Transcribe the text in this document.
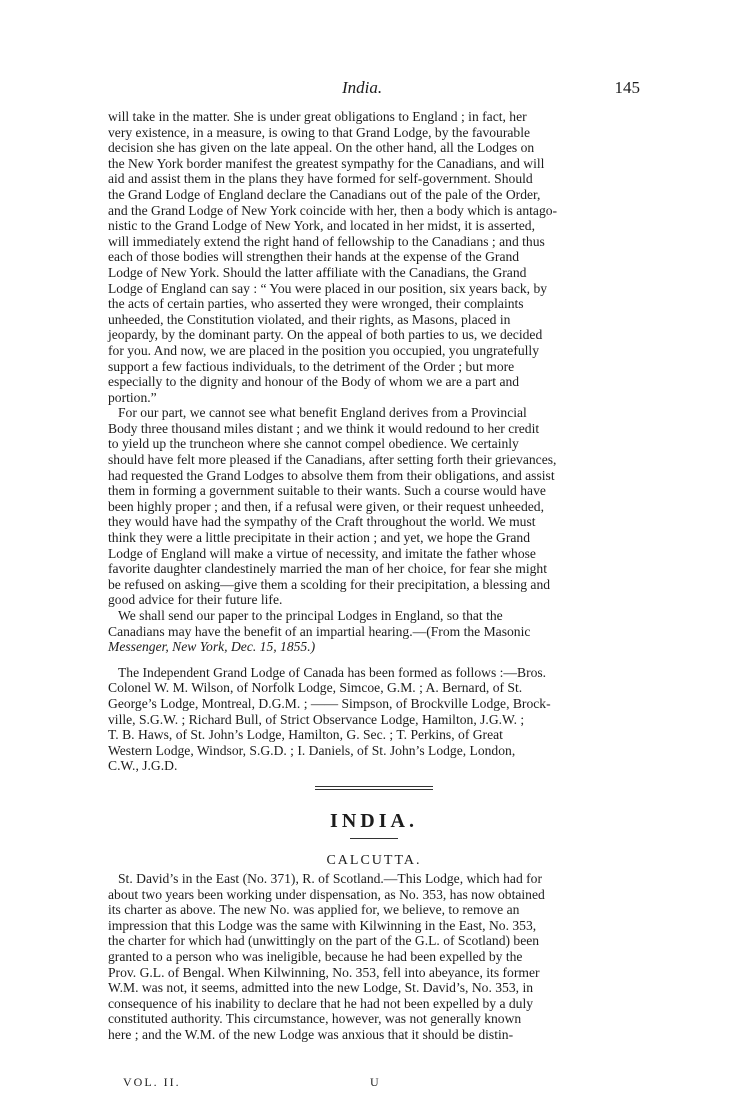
India.	145
will take in the matter. She is under great obligations to England ; in fact, her
very existence, in a measure, is owing to that Grand Lodge, by the favourable
decision she has given on the late appeal. On the other hand, all the Lodges on
the New York border manifest the greatest sympathy for the Canadians, and will
aid and assist them in the plans they have formed for self-government. Should
the Grand Lodge of England declare the Canadians out of the pale of the Order,
and the Grand Lodge of New York coincide with her, then a body which is antago-
nistic to the Grand Lodge of New York, and located in her midst, it is asserted,
will immediately extend the right hand of fellowship to the Canadians ; and thus
each of those bodies will strengthen their hands at the expense of the Grand
Lodge of New York. Should the latter affiliate with the Canadians, the Grand
Lodge of England can say : “ You were placed in our position, six years back, by
the acts of certain parties, who asserted they were wronged, their complaints
unheeded, the Constitution violated, and their rights, as Masons, placed in
jeopardy, by the dominant party. On the appeal of both parties to us, we decided
for you. And now, we are placed in the position you occupied, you ungratefully
support a few factious individuals, to the detriment of the Order ; but more
especially to the dignity and honour of the Body of whom we are a part and
portion.”
For our part, we cannot see what benefit England derives from a Provincial
Body three thousand miles distant ; and we think it would redound to her credit
to yield up the truncheon where she cannot compel obedience. We certainly
should have felt more pleased if the Canadians, after setting forth their grievances,
had requested the Grand Lodges to absolve them from their obligations, and assist
them in forming a government suitable to their wants. Such a course would have
been highly proper ; and then, if a refusal were given, or their request unheeded,
they would have had the sympathy of the Craft throughout the world. We must
think they were a little precipitate in their action ; and yet, we hope the Grand
Lodge of England will make a virtue of necessity, and imitate the father whose
favorite daughter clandestinely married the man of her choice, for fear she might
be refused on asking—give them a scolding for their precipitation, a blessing and
good advice for their future life.
We shall send our paper to the principal Lodges in England, so that the
Canadians may have the benefit of an impartial hearing.—(From the Masonic
Messenger, New York, Dec. 15, 1855.)
The Independent Grand Lodge of Canada has been formed as follows :—Bros.
Colonel W. M. Wilson, of Norfolk Lodge, Simcoe, G.M. ; A. Bernard, of St.
George’s Lodge, Montreal, D.G.M. ; —— Simpson, of Brockville Lodge, Brock-
ville, S.G.W. ; Richard Bull, of Strict Observance Lodge, Hamilton, J.G.W. ;
T. B. Haws, of St. John’s Lodge, Hamilton, G. Sec. ; T. Perkins, of Great
Western Lodge, Windsor, S.G.D. ; I. Daniels, of St. John’s Lodge, London,
C.W., J.G.D.
INDIA.
CALCUTTA.
St. David’s in the East (No. 371), R. of Scotland.—This Lodge, which had for
about two years been working under dispensation, as No. 353, has now obtained
its charter as above. The new No. was applied for, we believe, to remove an
impression that this Lodge was the same with Kilwinning in the East, No. 353,
the charter for which had (unwittingly on the part of the G.L. of Scotland) been
granted to a person who was ineligible, because he had been expelled by the
Prov. G.L. of Bengal. When Kilwinning, No. 353, fell into abeyance, its former
W.M. was not, it seems, admitted into the new Lodge, St. David’s, No. 353, in
consequence of his inability to declare that he had not been expelled by a duly
constituted authority. This circumstance, however, was not generally known
here ; and the W.M. of the new Lodge was anxious that it should be distin-
VOL. II.	U
